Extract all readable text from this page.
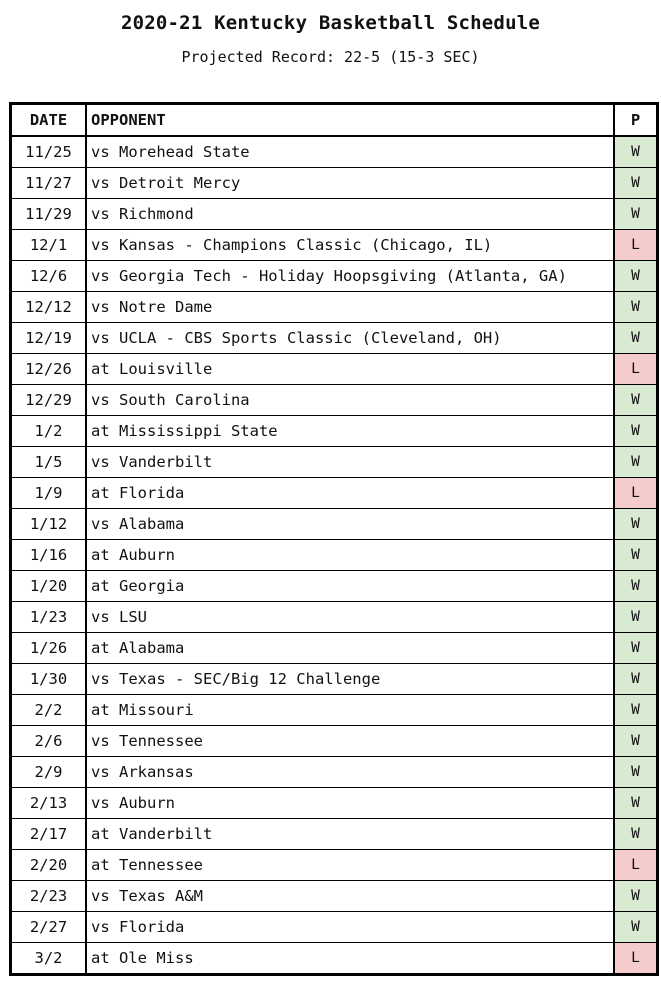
2020-21 Kentucky Basketball Schedule
Projected Record: 22-5 (15-3 SEC)
DATE	OPPONENT	P
11/25	vs Morehead State	W
11/27	vs Detroit Mercy	W
11/29	vs Richmond	W
12/1	vs Kansas - Champions Classic (Chicago, IL)	L
12/6	vs Georgia Tech - Holiday Hoopsgiving (Atlanta, GA)	W
12/12	vs Notre Dame	W
12/19	vs UCLA - CBS Sports Classic (Cleveland, OH)	W
12/26	at Louisville	L
12/29	vs South Carolina	W
1/2	at Mississippi State	W
1/5	vs Vanderbilt	W
1/9	at Florida	L
1/12	vs Alabama	W
1/16	at Auburn	W
1/20	at Georgia	W
1/23	vs LSU	W
1/26	at Alabama	W
1/30	vs Texas - SEC/Big 12 Challenge	W
2/2	at Missouri	W
2/6	vs Tennessee	W
2/9	vs Arkansas	W
2/13	vs Auburn	W
2/17	at Vanderbilt	W
2/20	at Tennessee	L
2/23	vs Texas A&M	W
2/27	vs Florida	W
3/2	at Ole Miss	L
